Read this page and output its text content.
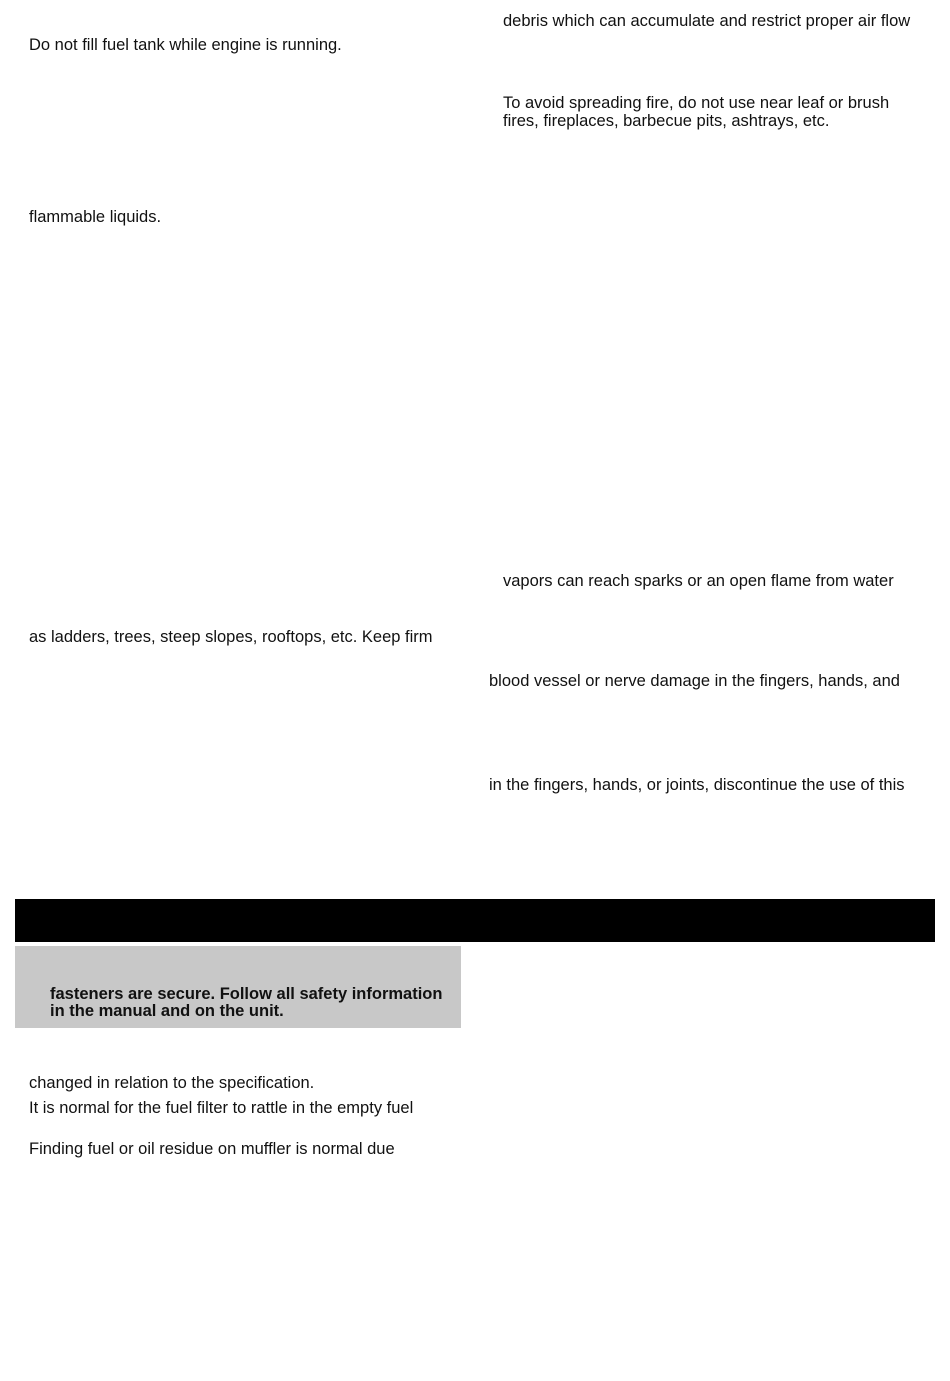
debris which can accumulate and restrict proper air flow

Do not fill fuel tank while engine is running.

To avoid spreading fire, do not use near leaf or brush

fires, fireplaces, barbecue pits, ashtrays, etc.

flammable liquids.

vapors can reach sparks or an open flame from water

as ladders, trees, steep slopes, rooftops, etc. Keep firm

blood vessel or nerve damage in the fingers, hands, and

in the fingers, hands, or joints, discontinue the use of this

fasteners are secure. Follow all safety information
in the manual and on the unit.

changed in relation to the specification.

It is normal for the fuel filter to rattle in the empty fuel

Finding fuel or oil residue on muffler is normal due
